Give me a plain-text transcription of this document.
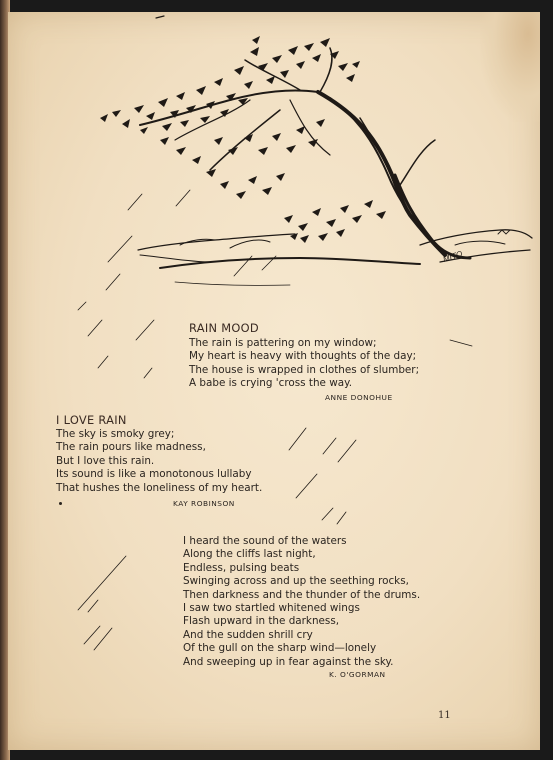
MITO
RAIN MOOD
The rain is pattering on my window;
My heart is heavy with thoughts of the day;
The house is wrapped in clothes of slumber;
A babe is crying 'cross the way.
ANNE DONOHUE
I LOVE RAIN
The sky is smoky grey;
The rain pours like madness,
But I love this rain.
Its sound is like a monotonous lullaby
That hushes the loneliness of my heart.
KAY ROBINSON
I heard the sound of the waters
Along the cliffs last night,
Endless, pulsing beats
Swinging across and up the seething rocks,
Then darkness and the thunder of the drums.
I saw two startled whitened wings
Flash upward in the darkness,
And the sudden shrill cry
Of the gull on the sharp wind—lonely
And sweeping up in fear against the sky.
K. O'GORMAN
11
